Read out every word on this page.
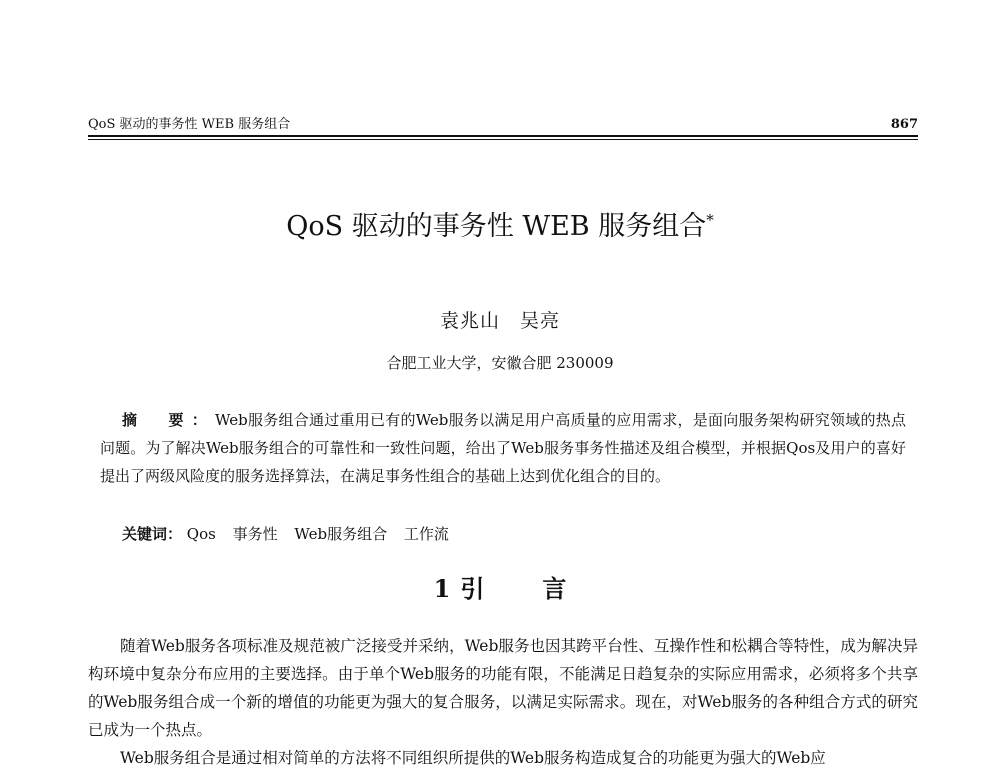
QoS 驱动的事务性 WEB 服务组合	867
QoS 驱动的事务性 WEB 服务组合*
袁兆山　吴亮
合肥工业大学，安徽合肥 230009
摘　要：Web服务组合通过重用已有的Web服务以满足用户高质量的应用需求，是面向服务架构研究领域的热点问题。为了解决Web服务组合的可靠性和一致性问题，给出了Web服务事务性描述及组合模型，并根据Qos及用户的喜好提出了两级风险度的服务选择算法，在满足事务性组合的基础上达到优化组合的目的。
关键词： Qos 事务性 Web服务组合 工作流
1 引 言
随着Web服务各项标准及规范被广泛接受并采纳，Web服务也因其跨平台性、互操作性和松耦合等特性，成为解决异构环境中复杂分布应用的主要选择。由于单个Web服务的功能有限，不能满足日趋复杂的实际应用需求，必须将多个共享的Web服务组合成一个新的增值的功能更为强大的复合服务，以满足实际需求。现在，对Web服务的各种组合方式的研究已成为一个热点。
Web服务组合是通过相对简单的方法将不同组织所提供的Web服务构造成复合的功能更为强大的Web应
